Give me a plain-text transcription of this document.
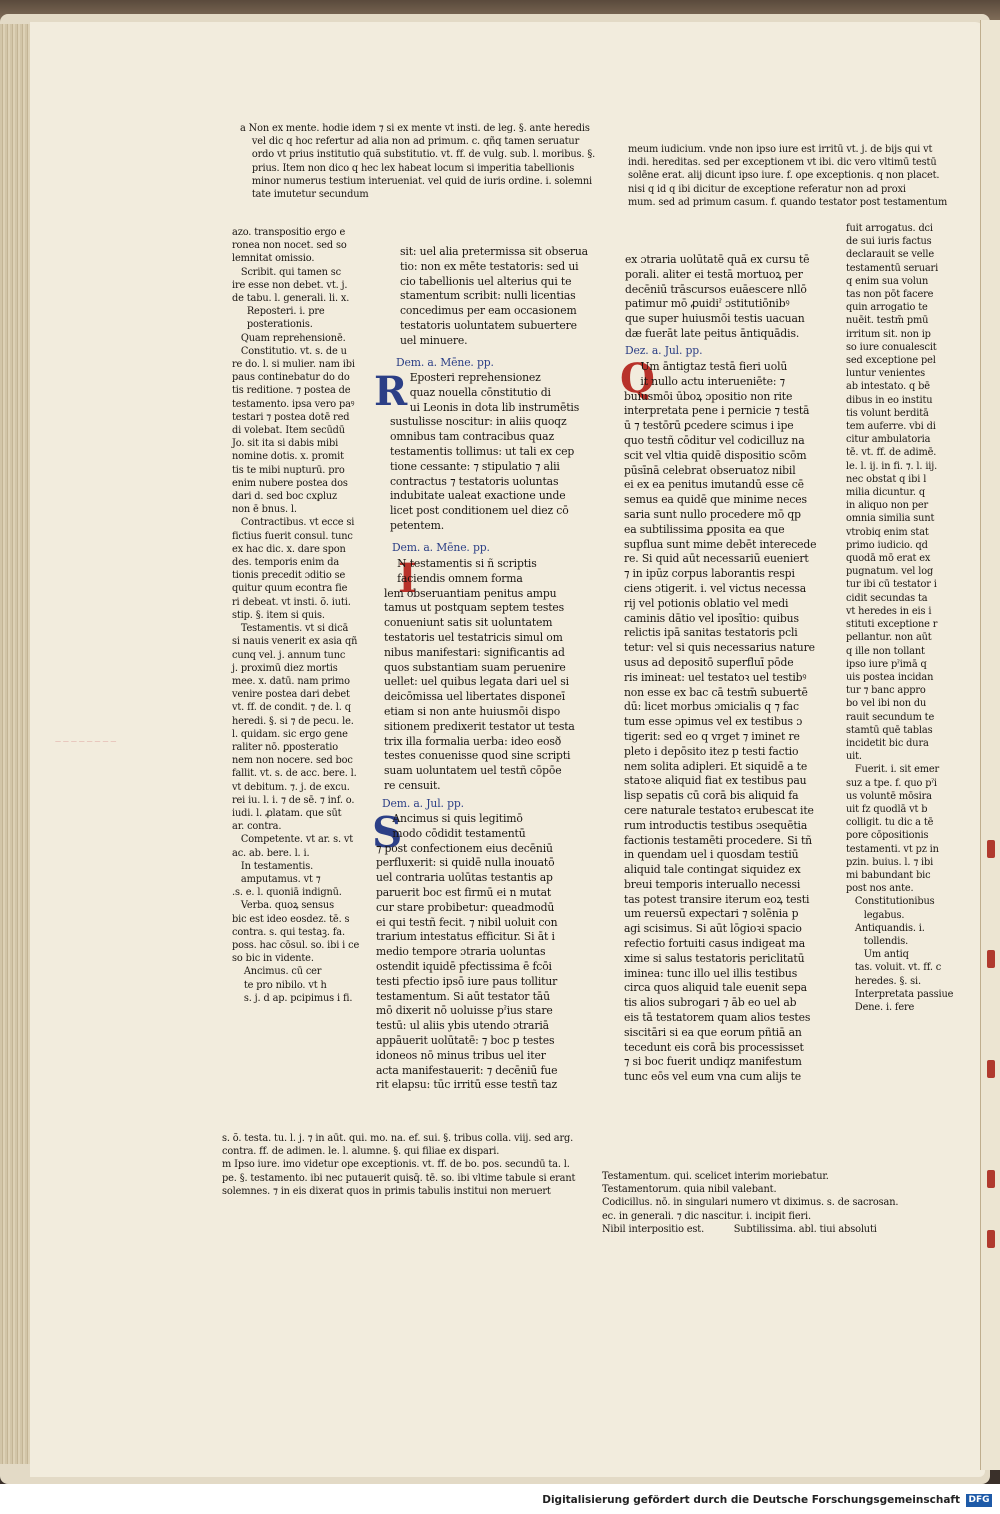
a Non ex mente. hodie idem ⁊ si ex mente vt insti. de leg. §. ante heredis
vel dic q hoc refertur ad alia non ad primum. c. qñq tamen seruatur
ordo vt prius institutio quã substitutio. vt. ff. de vulg. sub. l. moribus. §.
prius. Item non dico q hec lex habeat locum si imperitia tabellionis
minor numerus testium interueniat. vel quid de iuris ordine. i. solemni
tate imutetur secundum
azo. transpositio ergo e
ronea non nocet. sed so
lemnitat omissio.
Scribit. qui tamen sc
ire esse non debet. vt. j.
de tabu. l. generali. li. x.
Reposteri. i. pre
posterationis.
Quam reprehensionē.
Constitutio. vt. s. de u
re do. l. si mulier. nam ibi
paus continebatur do do
tis reditione. ⁊ postea de
testamento. ipsa vero paꝰ
testari ⁊ postea dotē red
di volebat. Item secūdū
Jo. sit ita si dabis mibi
nomine dotis. x. promit
tis te mibi nupturū. pro
enim nubere postea dos
dari d. sed boc cxꝑluz
non ē bnus. l.
Contractibus. vt ecce si
fictius fuerit consul. tunc
ex hac dic. x. dare spon
des. temporis enim da
tionis precedit ɔditio se
quitur quum econtra fie
ri debeat. vt insti. õ. iuti.
stip. §. item si quis.
Testamentis. vt si dicā
si nauis venerit ex asia qñ
cunq vel. j. annum tunc
j. proximū diez mortis
mee. x. datū. nam primo
venire postea dari debet
vt. ff. de condit. ⁊ de. l. q
heredi. §. si ⁊ de pecu. le.
l. quidam. sic ergo gene
raliter nō. ꝑposteratio
nem non nocere. sed boc
fallit. vt. s. de acc. bere. l.
vt debitum. ⁊. j. de excu.
rei iu. l. i. ⁊ de sē. ⁊ inf. o.
iudi. l. ꝓlatam. que sūt
ar. contra.
Competente. vt ar. s. vt
ac. ab. bere. l. i.
In testamentis.
amputamus. vt ⁊
.s. e. l. quoniā indignū.
Verba. quoꝝ sensus
bic est ideo eosdez. tē. s
contra. s. qui testaꝫ. fa.
poss. hac cōsul. so. ibi i ce
so bic in vidente.
Ancimus. cū cer
te pro nibilo. vt h
s. j. d ap. pcipimus i fi.
s. õ. testa. tu. l. j. ⁊ in aūt. qui. mo. na. ef. sui. §. tribus colla. viij. sed arg.
contra. ff. de adimen. le. l. alumne. §. qui filiae ex dispari.
m Ipso iure. imo videtur ope exceptionis. vt. ff. de bo. pos. secundū ta. l.
pe. §. testamento. ibi nec putauerit quisq̄. tē. so. ibi vltime tabule si erant
solemnes. ⁊ in eis dixerat quos in primis tabulis institui non meruert
sit: uel alia pretermissa sit obserua
tio: non ex mēte testatoris: sed ui
cio tabellionis uel alterius qui te
stamentum scribit: nulli licentias
concedimus per eam occasionem
testatoris uoluntatem subuertere
uel minuere.
Dem. a. Mēne. pp.
R Eposteri reprehensionez
quaz nouella cōnstitutio di
ui Leonis in dota lib instrumētis
sustulisse noscitur: in aliis quoqz
omnibus tam contracibus quaz
testamentis tollimus: ut tali ex cep
tione cessante: ⁊ stipulatio ⁊ alii
contractus ⁊ testatoris uoluntas
indubitate ualeat exactione unde
licet post conditionem uel diez cō
petentem.
Dem. a. Mēne. pp.
I
N testamentis si ñ scriptis
faciendis omnem forma
lem obseruantiam penitus ampu
tamus ut postquam septem testes
conueniunt satis sit uoluntatem
testatoris uel testatricis simul om
nibus manifestari: significantis ad
quos substantiam suam peruenire
uellet: uel quibus legata dari uel si
deicōmissa uel libertates disponeī
etiam si non ante huiusmōi dispo
sitionem predixerit testator ut testa
trix illa formalia uerba: ideo eosð
testes conuenisse quod sine scripti
suam uoluntatem uel testñ cōpōe
re censuit.
Dem. a. Jul. pp.
S
Ancimus si quis legitimō
modo cōdidit testamentū
⁊ post confectionem eius decēniū
perfluxerit: si quidē nulla inouatō
uel contraria uolūtas testantis ap
paruerit boc est firmū ei n mutat
cur stare probibetur: queadmodū
ei qui testñ fecit. ⁊ nibil uoluit con
trarium intestatus efficitur. Si āt i
medio tempore ɔtraria uoluntas
ostendit iquidē pfectissima ē fcōi
testi pfectio ipsō iure paus tollitur
testamentum. Si aūt testator tāū
mō dixerit nō uoluisse pˀius stare
testū: ul aliis ybis utendo ɔtrariā
appāuerit uolūtatē: ⁊ boc p testes
idoneos nō minus tribus uel iter
acta manifestauerit: ⁊ decēniū fue
rit elapsu: tūc irritū esse testñ taz
meum iudicium. vnde non ipso iure est irritū vt. j. de bijs qui vt
indi. hereditas. sed per exceptionem vt ibi. dic vero vltimū testū
solēne erat. alij dicunt ipso iure. f. ope exceptionis. q non placet.
nisi q id q ibi dicitur de exceptione referatur non ad proxi
mum. sed ad primum casum. f. quando testator post testamentum
ex ɔtraria uolūtatē quā ex cursu tē
porali. aliter ei testā mortuoꝝ per
decēniū trāscursos euāescere nllō
patimur mō ꝓuidiˀ ɔstitutiōnibꝰ
que super huiusmōi testis uacuan
dæ fuerāt late peitus āntiquādis.
Dez. a. Jul. pp.
Q
Um āntigtaz testā fieri uolū
it nullo actu interueniēte: ⁊
buiusmōi ūboꝝ ɔpositio non rite
interpretata pene i pernicie ⁊ testā
ū ⁊ testōrū ꝑcedere scimus i ipe
quo testñ cōditur vel codicilluz na
scit vel vltia quidē dispositio scōm
pūsīnā celebrat obseruatoz nibil
ei ex ea penitus imutandū esse cē
semus ea quidē que minime neces
saria sunt nullo procedere mō qp
ea subtilissima ꝑposita ea que
supflua sunt mime debēt interecede
re. Si quid aūt necessariū eueniert
⁊ in ipūz corpus laborantis respi
ciens ɔtigerit. i. vel victus necessa
rij vel potionis oblatio vel medi
caminis dātio vel iposītio: quibus
relictis ipā sanitas testatoris pcli
tetur: vel si quis necessarius nature
usus ad depositō superfluī pōde
ris imineat: uel testatoꝛ uel testibꝰ
non esse ex bac cā testm̄ subuertē
dū: licet morbus ɔmicialis q ⁊ fac
tum esse ɔpimus vel ex testibus ɔ
tigerit: sed eo q vrget ⁊ iminet re
pleto i depōsito itez p testi factio
nem solita adipleri. Et siquidē a te
statoꝛe aliquid fiat ex testibus pau
lisp sepatis cū corā bis aliquid fa
cere naturale testatoꝛ erubescat ite
rum introductis testibus ɔsequētia
factionis testamēti procedere. Si tñ
in quendam uel i quosdam testiū
aliquid tale contingat siquidez ex
breui temporis interuallo necessi
tas potest transire iterum eoꝝ testi
um reuersū expectari ⁊ solēnia p
agi scisimus. Si aūt lōgioꝛi spacio
refectio fortuiti casus indigeat ma
xime si salus testatoris periclitatū
iminea: tunc illo uel illis testibus
circa quos aliquid tale euenit sepa
tis alios subrogari ⁊ āb eo uel ab
eis tā testatorem quam alios testes
siscitāri si ea que eorum pñtiā an
tecedunt eis corā bis processisset
⁊ si boc fuerit undiqz manifestum
tunc eōs vel eum vna cum alijs te
fuit arrogatus. dci
de sui iuris factus
declarauit se velle
testamentū seruari
q enim sua volun
tas non pōt facere
quin arrogatio te
nuēit. testm̄ pmū
irritum sit. non ip
so iure conualescit
sed exceptione pel
luntur venientes
ab intestato. q bē
dibus in eo institu
tis volunt berditā
tem auferre. vbi di
citur ambulatoria
tē. vt. ff. de adimē.
le. l. ij. in fi. ⁊. l. iij.
nec obstat q ibi l
milia dicuntur. q
in aliquo non per
omnia similia sunt
vtrobiq enim stat
primo iudicio. qd
quodā mō erat ex
pugnatum. vel log
tur ibi cū testator i
cidit secundas ta
vt heredes in eis i
stituti exceptione r
pellantur. non aūt
q ille non tollant
ipso iure pˀimā q
uis postea incidan
tur ⁊ banc appro
bo vel ibi non du
rauit secundum te
stamtū quē tablas
incidetit bic dura
uit.
Fuerit. i. sit emer
suz a tpe. f. quo pˀi
us voluntē mōsira
uit fz quodlā vt b
colligit. tu dic a tē
pore cōpositionis
testamenti. vt pz in
pzin. buius. l. ⁊ ibi
mi babundant bic
post nos ante.
Constitutionibus
legabus.
Antiquandis. i.
tollendis.
Um antiq
tas. voluit. vt. ff. c
heredes. §. si.
Interpretata passiue
Dene. i. fere
Testamentum. qui. scelicet interim moriebatur.
Testamentorum. quia nibil valebant.
Codicillus. nō. in singulari numero vt diximus. s. de sacrosan.
ec. in generali. ⁊ dic nascitur. i. incipit fieri.
Nibil interpositio est.          Subtilissima. abl. tiui absoluti
— — — — — — — —
Digitalisierung gefördert durch die Deutsche Forschungsgemeinschaft DFG
